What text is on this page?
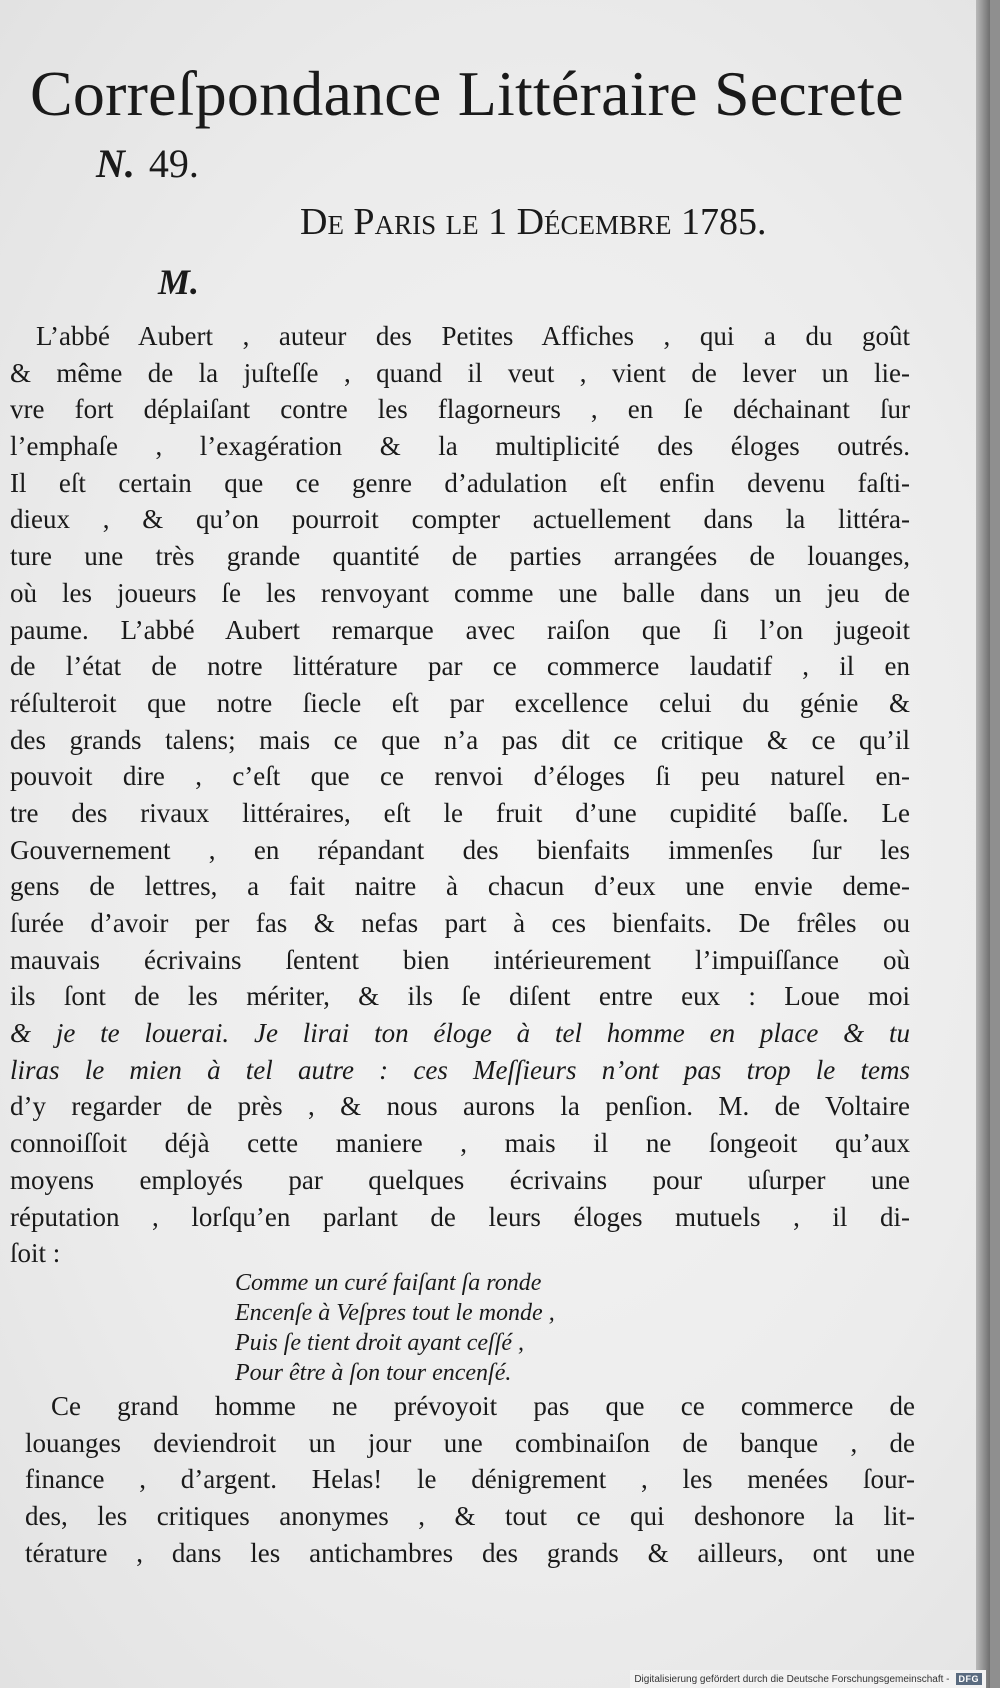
Correſpondance Littéraire Secrete
N. 49.
De Paris le 1 Décembre 1785.
M.
L’abbé Aubert , auteur des Petites Affiches , qui a du goût
& même de la juſteſſe , quand il veut , vient de lever un lie-
vre fort déplaiſant contre les flagorneurs , en ſe déchainant ſur
l’emphaſe , l’exagération & la multiplicité des éloges outrés.
Il eſt certain que ce genre d’adulation eſt enfin devenu faſti-
dieux , & qu’on pourroit compter actuellement dans la littéra-
ture une très grande quantité de parties arrangées de louanges,
où les joueurs ſe les renvoyant comme une balle dans un jeu de
paume. L’abbé Aubert remarque avec raiſon que ſi l’on jugeoit
de l’état de notre littérature par ce commerce laudatif , il en
réſulteroit que notre ſiecle eſt par excellence celui du génie &
des grands talens; mais ce que n’a pas dit ce critique & ce qu’il
pouvoit dire , c’eſt que ce renvoi d’éloges ſi peu naturel en-
tre des rivaux littéraires, eſt le fruit d’une cupidité baſſe. Le
Gouvernement , en répandant des bienfaits immenſes ſur les
gens de lettres, a fait naitre à chacun d’eux une envie deme-
ſurée d’avoir per fas & nefas part à ces bienfaits. De frêles ou
mauvais écrivains ſentent bien intérieurement l’impuiſſance où
ils ſont de les mériter, & ils ſe diſent entre eux : Loue moi
& je te louerai. Je lirai ton éloge à tel homme en place & tu
liras le mien à tel autre : ces Meſſieurs n’ont pas trop le tems
d’y regarder de près , & nous aurons la penſion. M. de Voltaire
connoiſſoit déjà cette maniere , mais il ne ſongeoit qu’aux
moyens employés par quelques écrivains pour uſurper une
réputation , lorſqu’en parlant de leurs éloges mutuels , il di-
ſoit :
Comme un curé faiſant ſa ronde
Encenſe à Veſpres tout le monde ,
Puis ſe tient droit ayant ceſſé ,
Pour être à ſon tour encenſé.
Ce grand homme ne prévoyoit pas que ce commerce de
louanges deviendroit un jour une combinaiſon de banque , de
finance , d’argent. Helas! le dénigrement , les menées ſour-
des, les critiques anonymes , & tout ce qui deshonore la lit-
térature , dans les antichambres des grands & ailleurs, ont une
Digitalisierung gefördert durch die Deutsche Forschungsgemeinschaft -	DFG
